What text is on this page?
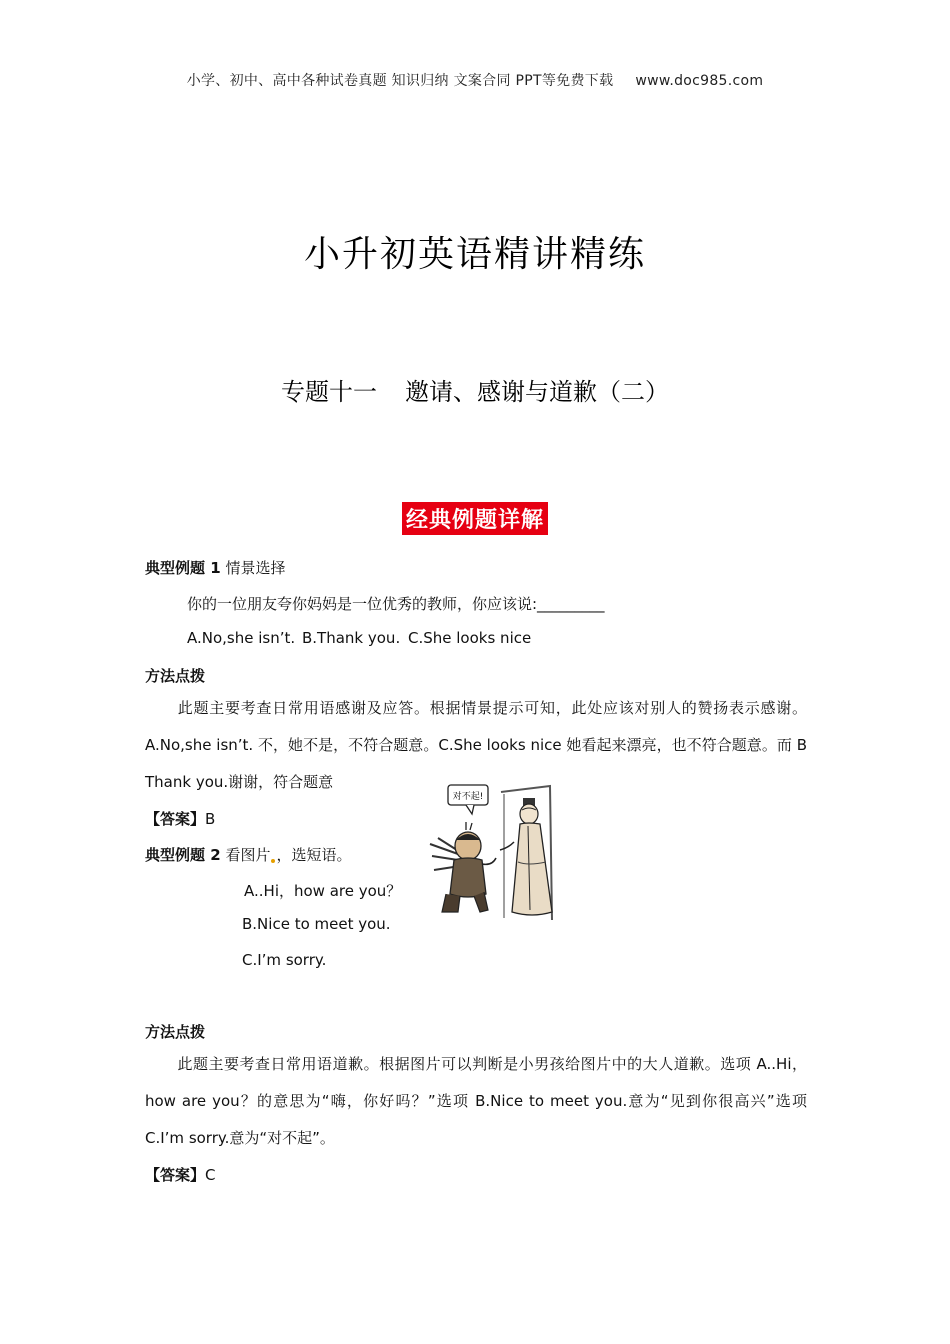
小学、初中、高中各种试卷真题 知识归纳 文案合同 PPT等免费下载 www.doc985.com
小升初英语精讲精练
专题十一 邀请、感谢与道歉（二）
经典例题详解
典型例题 1 情景选择
你的一位朋友夸你妈妈是一位优秀的教师，你应该说:_________
A.No,she isn’t. B.Thank you. C.She looks nice
方法点拨
此题主要考查日常用语感谢及应答。根据情景提示可知，此处应该对别人的赞扬表示感谢。A.No,she isn’t. 不，她不是，不符合题意。C.She looks nice 她看起来漂亮，也不符合题意。而 B Thank you.谢谢，符合题意
【答案】B
典型例题 2 看图片 ，选短语。
A..Hi，how are you？
B.Nice to meet you.
C.I’m sorry.
对不起!
方法点拨
此题主要考查日常用语道歉。根据图片可以判断是小男孩给图片中的大人道歉。选项 A..Hi，how are you？的意思为“嗨，你好吗？”选项 B.Nice to meet you.意为“见到你很高兴”选项 C.I’m sorry.意为“对不起”。
【答案】C
